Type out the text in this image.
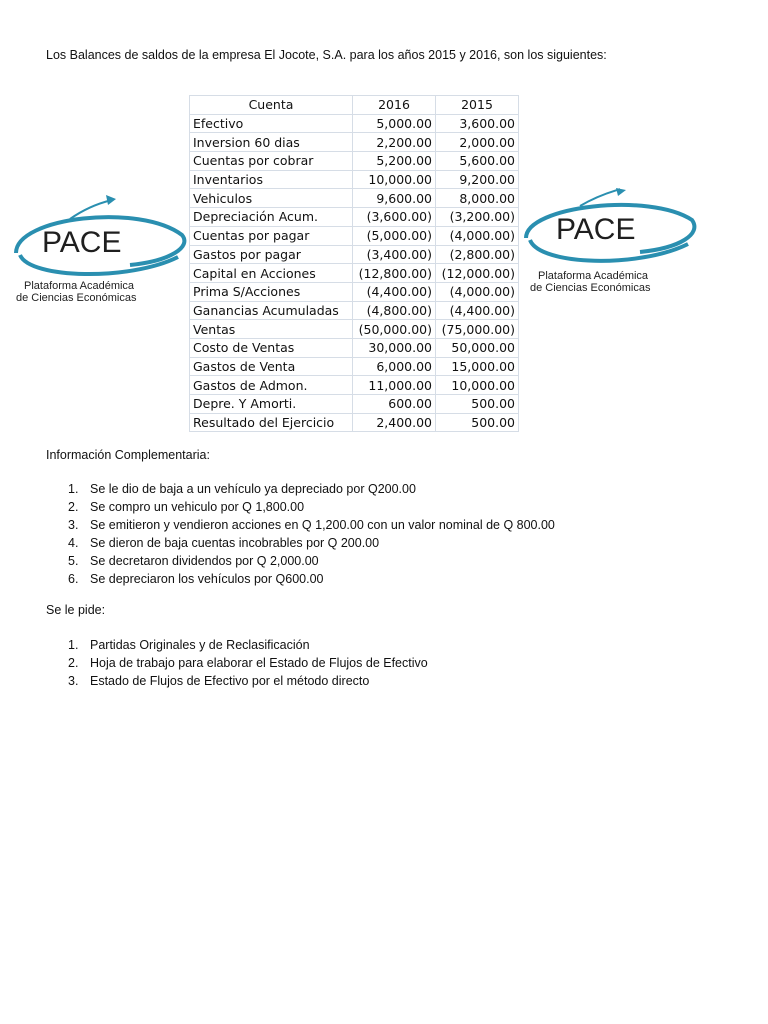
Los Balances de saldos de la empresa El Jocote, S.A. para los años 2015 y 2016, son los siguientes:
Cuenta	2016	2015
Efectivo	5,000.00	3,600.00
Inversion 60 dias	2,200.00	2,000.00
Cuentas por cobrar	5,200.00	5,600.00
Inventarios	10,000.00	9,200.00
Vehiculos	9,600.00	8,000.00
Depreciación Acum.	(3,600.00)	(3,200.00)
Cuentas por pagar	(5,000.00)	(4,000.00)
Gastos por pagar	(3,400.00)	(2,800.00)
Capital en Acciones	(12,800.00)	(12,000.00)
Prima S/Acciones	(4,400.00)	(4,000.00)
Ganancias Acumuladas	(4,800.00)	(4,400.00)
Ventas	(50,000.00)	(75,000.00)
Costo de Ventas	30,000.00	50,000.00
Gastos de Venta	6,000.00	15,000.00
Gastos de Admon.	11,000.00	10,000.00
Depre. Y Amorti.	600.00	500.00
Resultado del Ejercicio	2,400.00	500.00
PACE
Plataforma Académica
de Ciencias Económicas
PACE
Plataforma Académica
de Ciencias Económicas
Información Complementaria:
1. Se le dio de baja a un vehículo ya depreciado por Q200.00
2. Se compro un vehiculo por Q 1,800.00
3. Se emitieron y vendieron acciones en Q 1,200.00 con un valor nominal de Q 800.00
4. Se dieron de baja cuentas incobrables por Q 200.00
5. Se decretaron dividendos por Q 2,000.00
6. Se depreciaron los vehículos por Q600.00
Se le pide:
1. Partidas Originales y de Reclasificación
2. Hoja de trabajo para elaborar el Estado de Flujos de Efectivo
3. Estado de Flujos de Efectivo por el método directo
